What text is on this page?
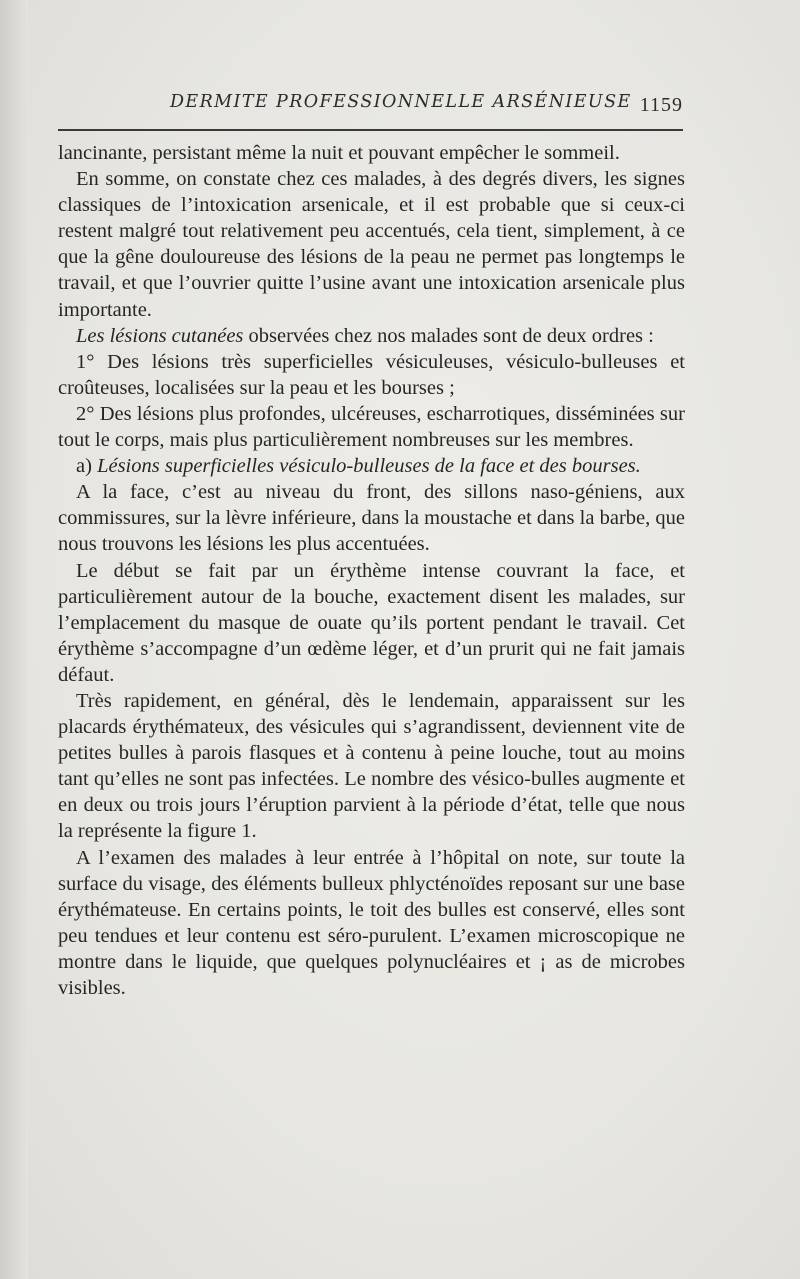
DERMITE PROFESSIONNELLE ARSÉNIEUSE 1159

lancinante, persistant même la nuit et pouvant empêcher le sommeil.

En somme, on constate chez ces malades, à des degrés divers, les signes classiques de l’intoxication arsenicale, et il est probable que si ceux-ci restent malgré tout relativement peu accentués, cela tient, simplement, à ce que la gêne douloureuse des lésions de la peau ne permet pas longtemps le travail, et que l’ouvrier quitte l’usine avant une intoxication arsenicale plus importante.

Les lésions cutanées observées chez nos malades sont de deux ordres :

1° Des lésions très superficielles vésiculeuses, vésiculo-bulleuses et croûteuses, localisées sur la peau et les bourses ;

2° Des lésions plus profondes, ulcéreuses, escharrotiques, disséminées sur tout le corps, mais plus particulièrement nombreuses sur les membres.

a) Lésions superficielles vésiculo-bulleuses de la face et des bourses.

A la face, c’est au niveau du front, des sillons naso-géniens, aux commissures, sur la lèvre inférieure, dans la moustache et dans la barbe, que nous trouvons les lésions les plus accentuées.

Le début se fait par un érythème intense couvrant la face, et particulièrement autour de la bouche, exactement disent les malades, sur l’emplacement du masque de ouate qu’ils portent pendant le travail. Cet érythème s’accompagne d’un œdème léger, et d’un prurit qui ne fait jamais défaut.

Très rapidement, en général, dès le lendemain, apparaissent sur les placards érythémateux, des vésicules qui s’agrandissent, deviennent vite de petites bulles à parois flasques et à contenu à peine louche, tout au moins tant qu’elles ne sont pas infectées. Le nombre des vésico-bulles augmente et en deux ou trois jours l’éruption parvient à la période d’état, telle que nous la représente la figure 1.

A l’examen des malades à leur entrée à l’hôpital on note, sur toute la surface du visage, des éléments bulleux phlycténoïdes reposant sur une base érythémateuse. En certains points, le toit des bulles est conservé, elles sont peu tendues et leur contenu est séro-purulent. L’examen microscopique ne montre dans le liquide, que quelques polynucléaires et ¡ as de microbes visibles.
